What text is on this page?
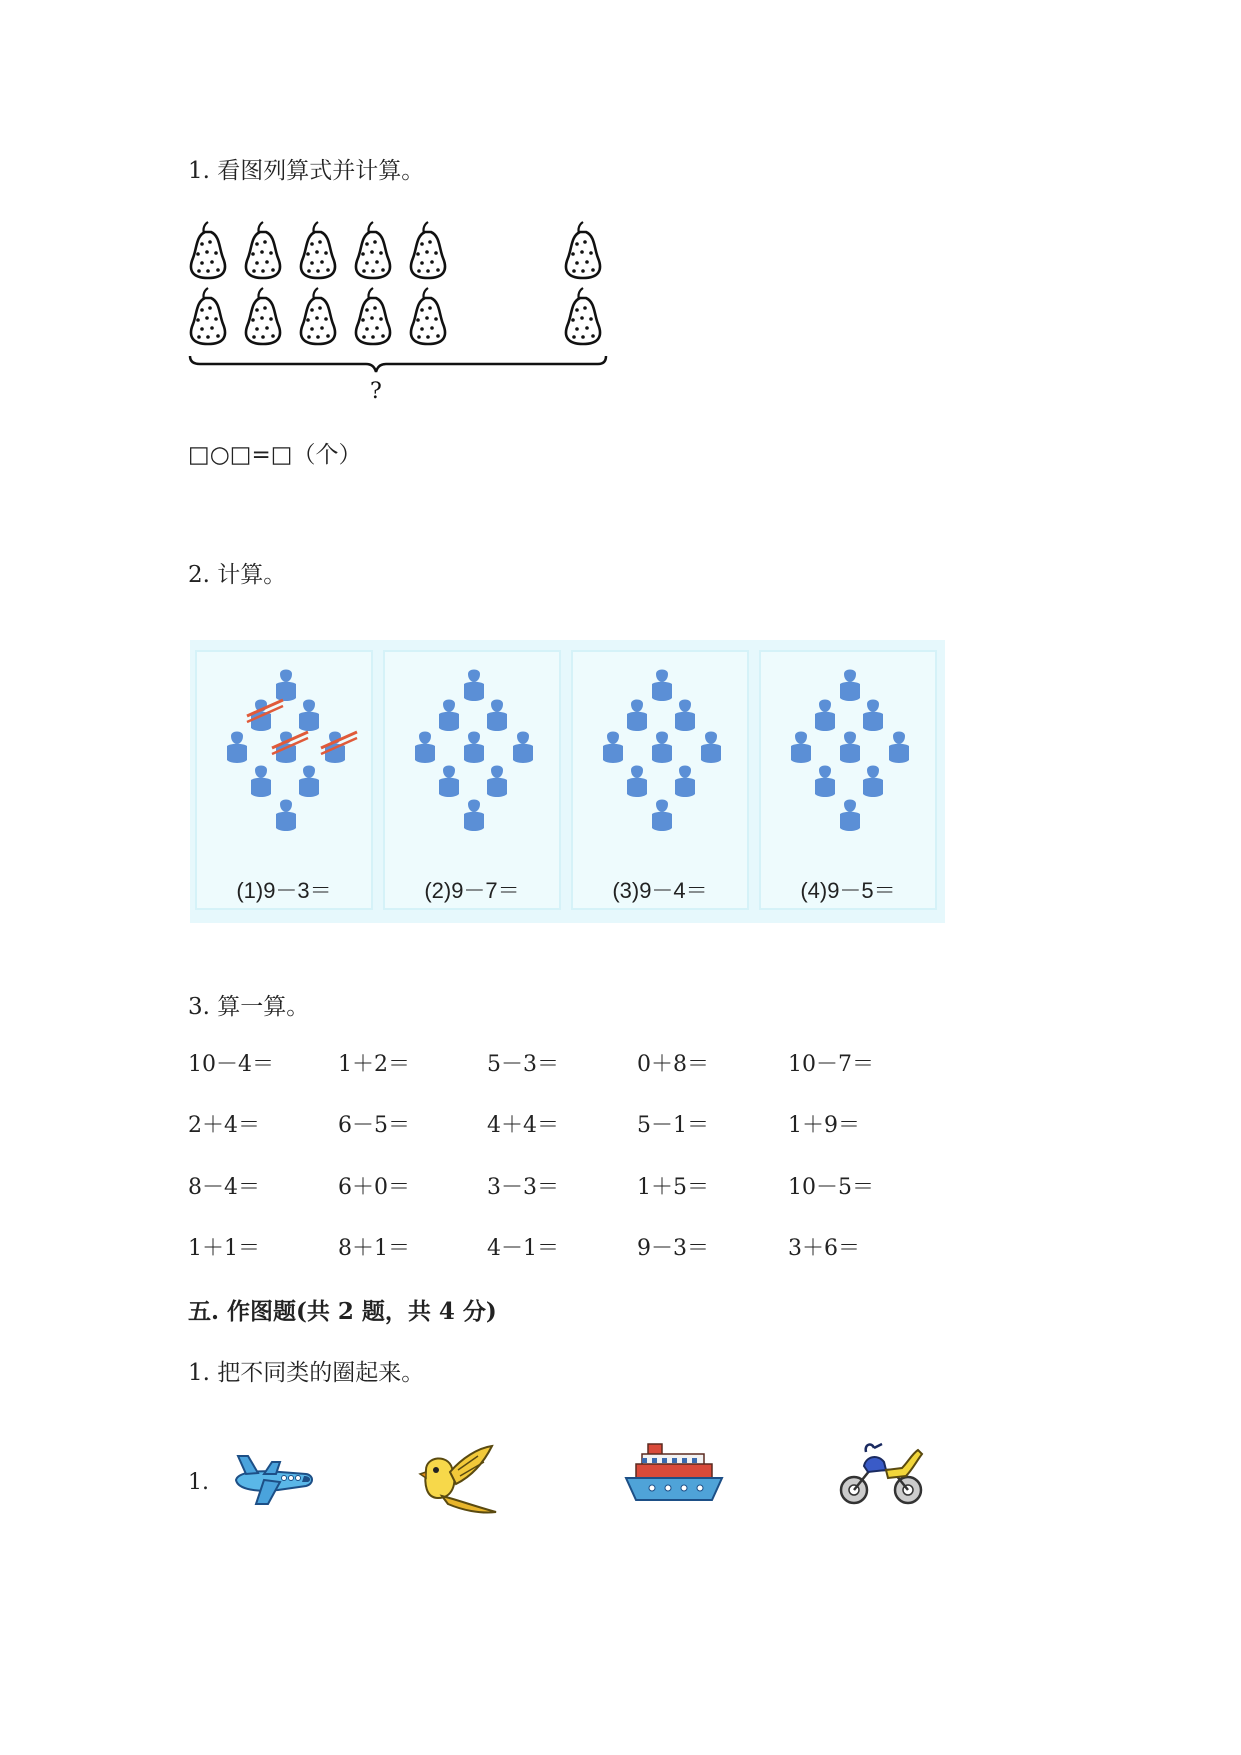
1. 看图列算式并计算。
?
□○□=□（个）
2. 计算。
(1)9－3＝	(2)9－7＝	(3)9－4＝	(4)9－5＝
3. 算一算。
10－4＝	1＋2＝	5－3＝	0＋8＝	10－7＝
2＋4＝	6－5＝	4＋4＝	5－1＝	1＋9＝
8－4＝	6＋0＝	3－3＝	1＋5＝	10－5＝
1＋1＝	8＋1＝	4－1＝	9－3＝	3＋6＝
五. 作图题(共 2 题，共 4 分)
1. 把不同类的圈起来。
1.
